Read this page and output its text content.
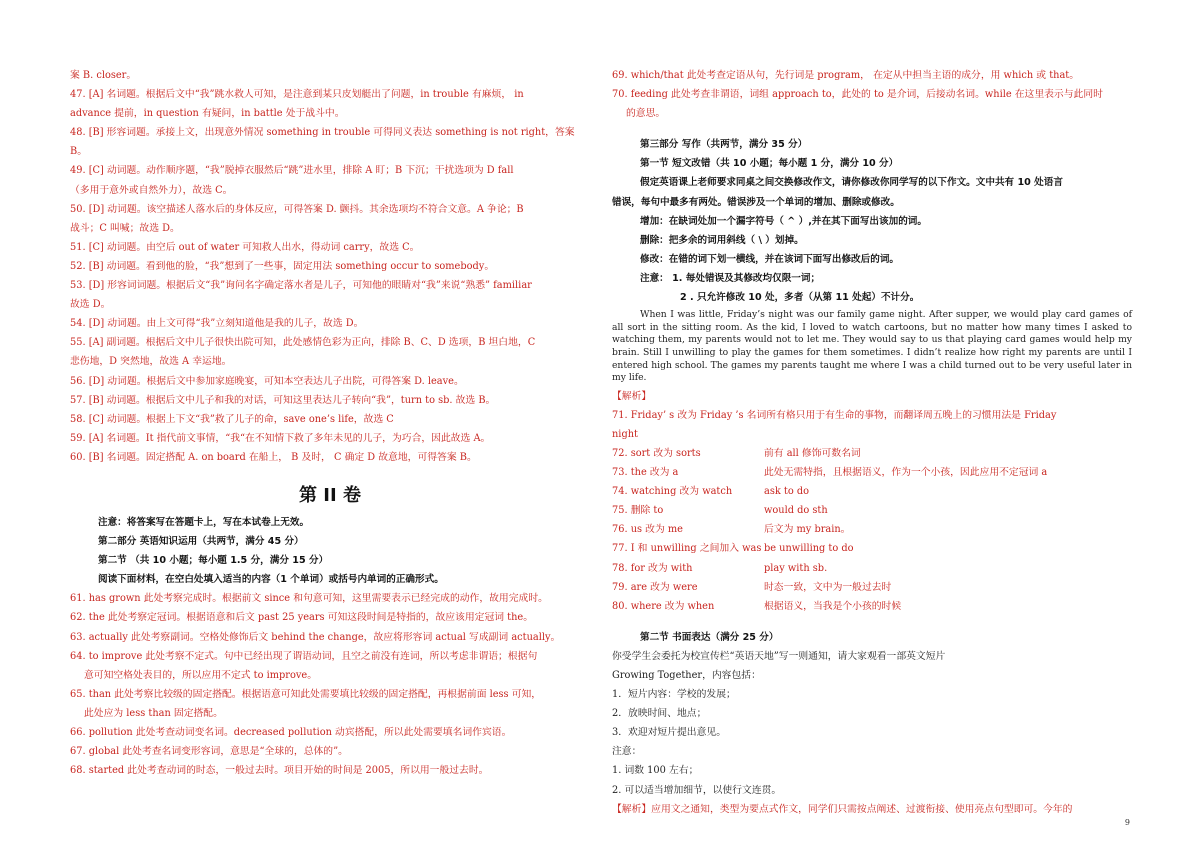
案 B. closer。
47. [A] 名词题。根据后文中“我”跳水救人可知，是注意到某只皮划艇出了问题，in trouble 有麻烦， in
advance 提前，in question 有疑问，in battle 处于战斗中。
48. [B] 形容词题。承接上文，出现意外情况 something in trouble 可得同义表达 something is not right，答案
B。
49. [C] 动词题。动作顺序题，“我”脱掉衣服然后“跳”进水里，排除 A 盯；B 下沉；干扰选项为 D fall
（多用于意外或自然外力），故选 C。
50. [D] 动词题。该空描述人落水后的身体反应，可得答案 D. 颤抖。其余选项均不符合文意。A 争论；B
战斗；C 叫喊；故选 D。
51. [C] 动词题。由空后 out of water 可知救人出水，得动词 carry，故选 C。
52. [B] 动词题。看到他的脸，“我”想到了一些事，固定用法 something occur to somebody。
53. [D] 形容词词题。根据后文“我”询问名字确定落水者是儿子，可知他的眼睛对“我”来说“熟悉” familiar
故选 D。
54. [D] 动词题。由上文可得“我”立刻知道他是我的儿子，故选 D。
55. [A] 副词题。根据后文中儿子很快出院可知，此处感情色彩为正向，排除 B、C、D 选项，B 坦白地，C
悲伤地，D 突然地，故选 A 幸运地。
56. [D] 动词题。根据后文中参加家庭晚宴，可知本空表达儿子出院，可得答案 D. leave。
57. [B] 动词题。根据后文中儿子和我的对话，可知这里表达儿子转向“我”，turn to sb. 故选 B。
58. [C] 动词题。根据上下文“我”救了儿子的命，save one’s life，故选 C
59. [A] 名词题。It 指代前文事情，“我“在不知情下救了多年未见的儿子，为巧合，因此故选 A。
60. [B] 名词题。固定搭配 A. on board 在船上， B 及时， C 确定 D 故意地，可得答案 B。
第 II 卷
注意：将答案写在答题卡上，写在本试卷上无效。
第二部分 英语知识运用（共两节，满分 45 分）
第二节 （共 10 小题；每小题 1.5 分，满分 15 分）
阅读下面材料，在空白处填入适当的内容（1 个单词）或括号内单词的正确形式。
61. has grown 此处考察完成时。根据前文 since 和句意可知，这里需要表示已经完成的动作，故用完成时。
62. the 此处考察定冠词。根据语意和后文 past 25 years 可知这段时间是特指的，故应该用定冠词 the。
63. actually 此处考察副词。空格处修饰后文 behind the change，故应将形容词 actual 写成副词 actually。
64. to improve 此处考察不定式。句中已经出现了谓语动词，且空之前没有连词，所以考虑非谓语；根据句
意可知空格处表目的，所以应用不定式 to improve。
65. than 此处考察比较级的固定搭配。根据语意可知此处需要填比较级的固定搭配，再根据前面 less 可知，
此处应为 less than 固定搭配。
66. pollution 此处考查动词变名词。decreased pollution 动宾搭配，所以此处需要填名词作宾语。
67. global 此处考查名词变形容词，意思是“全球的，总体的”。
68. started 此处考查动词的时态，一般过去时。项目开始的时间是 2005，所以用一般过去时。
69. which/that 此处考查定语从句，先行词是 program， 在定从中担当主语的成分，用 which 或 that。
70. feeding 此处考查非谓语，词组 approach to，此处的 to 是介词，后接动名词。while 在这里表示与此同时
的意思。
第三部分 写作（共两节，满分 35 分）
第一节 短文改错（共 10 小题；每小题 1 分，满分 10 分）
假定英语课上老师要求同桌之间交换修改作文，请你修改你同学写的以下作文。文中共有 10 处语言
错误，每句中最多有两处。错误涉及一个单词的增加、删除或修改。
增加：在缺词处加一个漏字符号（ ^ ）,并在其下面写出该加的词。
删除：把多余的词用斜线（ \ ）划掉。
修改：在错的词下划一横线，并在该词下面写出修改后的词。
注意： 1. 每处错误及其修改均仅限一词；
2 . 只允许修改 10 处，多者（从第 11 处起）不计分。
When I was little, Friday’s night was our family game night. After supper, we would play card games of all sort in the sitting room. As the kid, I loved to watch cartoons, but no matter how many times I asked to watching them, my parents would not to let me. They would say to us that playing card games would help my brain. Still I unwilling to play the games for them sometimes. I didn’t realize how right my parents are until I entered high school. The games my parents taught me where I was a child turned out to be very useful later in my life.
【解析】
71. Friday’ s 改为 Friday ’s 名词所有格只用于有生命的事物，而翻译周五晚上的习惯用法是 Friday
night
72. sort 改为 sorts	前有 all 修饰可数名词
73. the 改为 a	此处无需特指，且根据语义，作为一个小孩，因此应用不定冠词 a
74. watching 改为 watch	ask to do
75. 删除 to	would do sth
76. us 改为 me	后文为 my brain。
77. I 和 unwilling 之间加入 was be unwilling to do
78. for 改为 with	play with sb.
79. are 改为 were	时态一致，文中为一般过去时
80. where 改为 when	根据语义，当我是个小孩的时候
第二节 书面表达（满分 25 分）
你受学生会委托为校宣传栏“英语天地”写一则通知，请大家观看一部英文短片
Growing Together，内容包括：
1．短片内容：学校的发展；
2．放映时间、地点；
3．欢迎对短片提出意见。
注意：
1. 词数 100 左右；
2. 可以适当增加细节，以使行文连贯。
【解析】应用文之通知，类型为要点式作文，同学们只需按点阐述、过渡衔接、使用亮点句型即可。今年的
9
